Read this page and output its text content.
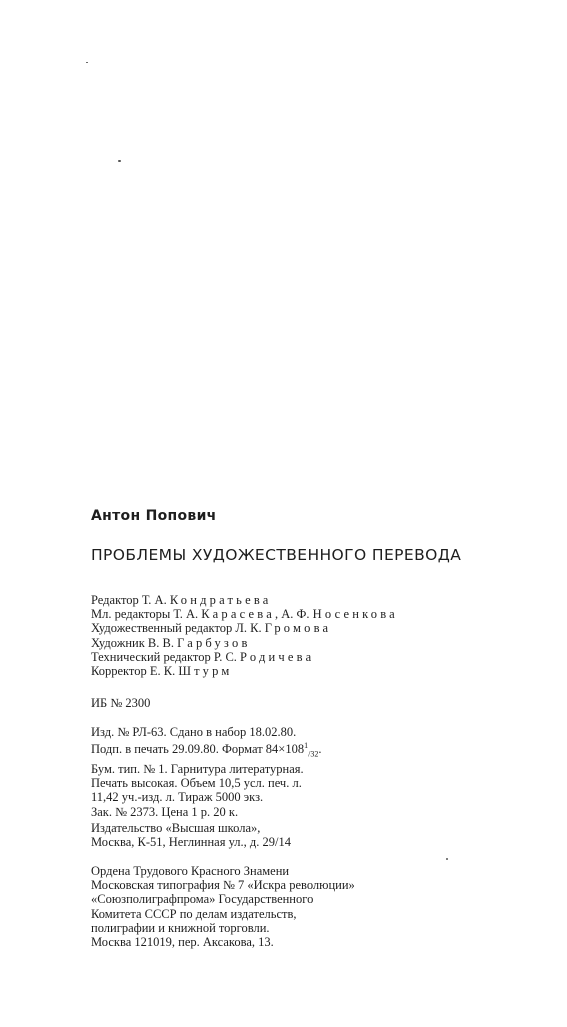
Антон Попович
ПРОБЛЕМЫ ХУДОЖЕСТВЕННОГО ПЕРЕВОДА
Редактор Т. А. Кондратьева
Мл. редакторы Т. А. Карасева, А. Ф. Носенкова
Художественный редактор Л. К. Громова
Художник В. В. Гарбузов
Технический редактор Р. С. Родичева
Корректор Е. К. Штурм
ИБ № 2300
Изд. № РЛ-63. Сдано в набор 18.02.80.
Подп. в печать 29.09.80. Формат $84\times 108^1_{/32}$.
Бум. тип. № 1. Гарнитура литературная.
Печать высокая. Объем 10,5 усл. печ. л.
11,42 уч.-изд. л. Тираж 5000 экз.
Зак. № 2373. Цена 1 р. 20 к.
Издательство «Высшая школа»,
Москва, К-51, Неглинная ул., д. 29/14
Ордена Трудового Красного Знамени
Московская типография № 7 «Искра революции»
«Союзполиграфпрома» Государственного
Комитета СССР по делам издательств,
полиграфии и книжной торговли.
Москва 121019, пер. Аксакова, 13.
